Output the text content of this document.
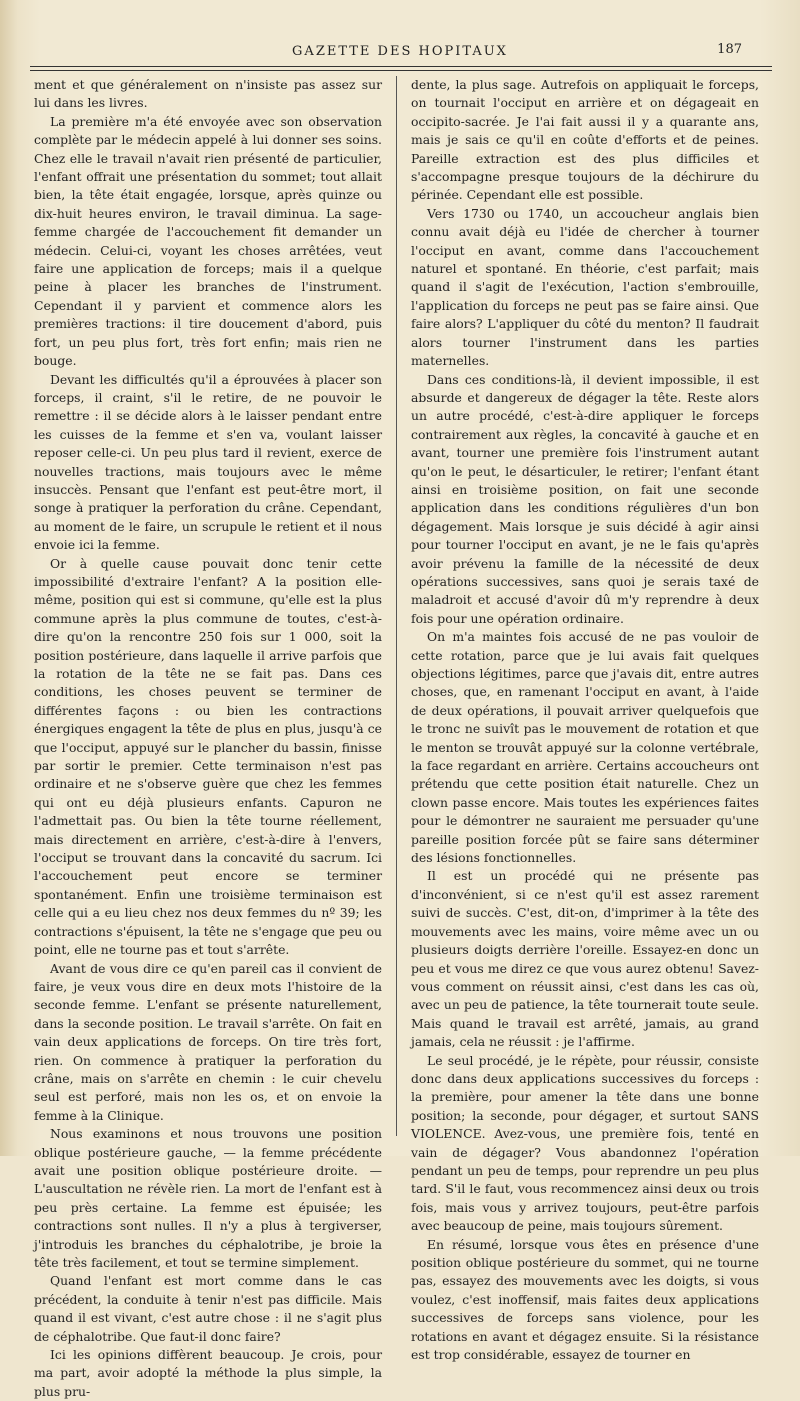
GAZETTE DES HOPITAUX	187

ment et que généralement on n'insiste pas assez sur lui dans les livres.

La première m'a été envoyée avec son observation complète par le médecin appelé à lui donner ses soins. Chez elle le travail n'avait rien présenté de particulier, l'enfant offrait une présentation du sommet; tout allait bien, la tête était engagée, lorsque, après quinze ou dix-huit heures environ, le travail diminua. La sage-femme chargée de l'accouchement fit demander un médecin. Celui-ci, voyant les choses arrêtées, veut faire une application de forceps; mais il a quelque peine à placer les branches de l'instrument. Cependant il y parvient et commence alors les premières tractions: il tire doucement d'abord, puis fort, un peu plus fort, très fort enfin; mais rien ne bouge.

Devant les difficultés qu'il a éprouvées à placer son forceps, il craint, s'il le retire, de ne pouvoir le remettre : il se décide alors à le laisser pendant entre les cuisses de la femme et s'en va, voulant laisser reposer celle-ci. Un peu plus tard il revient, exerce de nouvelles tractions, mais toujours avec le même insuccès. Pensant que l'enfant est peut-être mort, il songe à pratiquer la perforation du crâne. Cependant, au moment de le faire, un scrupule le retient et il nous envoie ici la femme.

Or à quelle cause pouvait donc tenir cette impossibilité d'extraire l'enfant? A la position elle-même, position qui est si commune, qu'elle est la plus commune après la plus commune de toutes, c'est-à-dire qu'on la rencontre 250 fois sur 1 000, soit la position postérieure, dans laquelle il arrive parfois que la rotation de la tête ne se fait pas. Dans ces conditions, les choses peuvent se terminer de différentes façons : ou bien les contractions énergiques engagent la tête de plus en plus, jusqu'à ce que l'occiput, appuyé sur le plancher du bassin, finisse par sortir le premier. Cette terminaison n'est pas ordinaire et ne s'observe guère que chez les femmes qui ont eu déjà plusieurs enfants. Capuron ne l'admettait pas. Ou bien la tête tourne réellement, mais directement en arrière, c'est-à-dire à l'envers, l'occiput se trouvant dans la concavité du sacrum. Ici l'accouchement peut encore se terminer spontanément. Enfin une troisième terminaison est celle qui a eu lieu chez nos deux femmes du nº 39; les contractions s'épuisent, la tête ne s'engage que peu ou point, elle ne tourne pas et tout s'arrête.

Avant de vous dire ce qu'en pareil cas il convient de faire, je veux vous dire en deux mots l'histoire de la seconde femme. L'enfant se présente naturellement, dans la seconde position. Le travail s'arrête. On fait en vain deux applications de forceps. On tire très fort, rien. On commence à pratiquer la perforation du crâne, mais on s'arrête en chemin : le cuir chevelu seul est perforé, mais non les os, et on envoie la femme à la Clinique.

Nous examinons et nous trouvons une position oblique postérieure gauche, — la femme précédente avait une position oblique postérieure droite. — L'auscultation ne révèle rien. La mort de l'enfant est à peu près certaine. La femme est épuisée; les contractions sont nulles. Il n'y a plus à tergiverser, j'introduis les branches du céphalotribe, je broie la tête très facilement, et tout se termine simplement.

Quand l'enfant est mort comme dans le cas précédent, la conduite à tenir n'est pas difficile. Mais quand il est vivant, c'est autre chose : il ne s'agit plus de céphalotribe. Que faut-il donc faire?

Ici les opinions diffèrent beaucoup. Je crois, pour ma part, avoir adopté la méthode la plus simple, la plus pru-

dente, la plus sage. Autrefois on appliquait le forceps, on tournait l'occiput en arrière et on dégageait en occipito-sacrée. Je l'ai fait aussi il y a quarante ans, mais je sais ce qu'il en coûte d'efforts et de peines. Pareille extraction est des plus difficiles et s'accompagne presque toujours de la déchirure du périnée. Cependant elle est possible.

Vers 1730 ou 1740, un accoucheur anglais bien connu avait déjà eu l'idée de chercher à tourner l'occiput en avant, comme dans l'accouchement naturel et spontané. En théorie, c'est parfait; mais quand il s'agit de l'exécution, l'action s'embrouille, l'application du forceps ne peut pas se faire ainsi. Que faire alors? L'appliquer du côté du menton? Il faudrait alors tourner l'instrument dans les parties maternelles.

Dans ces conditions-là, il devient impossible, il est absurde et dangereux de dégager la tête. Reste alors un autre procédé, c'est-à-dire appliquer le forceps contrairement aux règles, la concavité à gauche et en avant, tourner une première fois l'instrument autant qu'on le peut, le désarticuler, le retirer; l'enfant étant ainsi en troisième position, on fait une seconde application dans les conditions régulières d'un bon dégagement. Mais lorsque je suis décidé à agir ainsi pour tourner l'occiput en avant, je ne le fais qu'après avoir prévenu la famille de la nécessité de deux opérations successives, sans quoi je serais taxé de maladroit et accusé d'avoir dû m'y reprendre à deux fois pour une opération ordinaire.

On m'a maintes fois accusé de ne pas vouloir de cette rotation, parce que je lui avais fait quelques objections légitimes, parce que j'avais dit, entre autres choses, que, en ramenant l'occiput en avant, à l'aide de deux opérations, il pouvait arriver quelquefois que le tronc ne suivît pas le mouvement de rotation et que le menton se trouvât appuyé sur la colonne vertébrale, la face regardant en arrière. Certains accoucheurs ont prétendu que cette position était naturelle. Chez un clown passe encore. Mais toutes les expériences faites pour le démontrer ne sauraient me persuader qu'une pareille position forcée pût se faire sans déterminer des lésions fonctionnelles.

Il est un procédé qui ne présente pas d'inconvénient, si ce n'est qu'il est assez rarement suivi de succès. C'est, dit-on, d'imprimer à la tête des mouvements avec les mains, voire même avec un ou plusieurs doigts derrière l'oreille. Essayez-en donc un peu et vous me direz ce que vous aurez obtenu! Savez-vous comment on réussit ainsi, c'est dans les cas où, avec un peu de patience, la tête tournerait toute seule. Mais quand le travail est arrêté, jamais, au grand jamais, cela ne réussit : je l'affirme.

Le seul procédé, je le répète, pour réussir, consiste donc dans deux applications successives du forceps : la première, pour amener la tête dans une bonne position; la seconde, pour dégager, et surtout SANS VIOLENCE. Avez-vous, une première fois, tenté en vain de dégager? Vous abandonnez l'opération pendant un peu de temps, pour reprendre un peu plus tard. S'il le faut, vous recommencez ainsi deux ou trois fois, mais vous y arrivez toujours, peut-être parfois avec beaucoup de peine, mais toujours sûrement.

En résumé, lorsque vous êtes en présence d'une position oblique postérieure du sommet, qui ne tourne pas, essayez des mouvements avec les doigts, si vous voulez, c'est inoffensif, mais faites deux applications successives de forceps sans violence, pour les rotations en avant et dégagez ensuite. Si la résistance est trop considérable, essayez de tourner en
